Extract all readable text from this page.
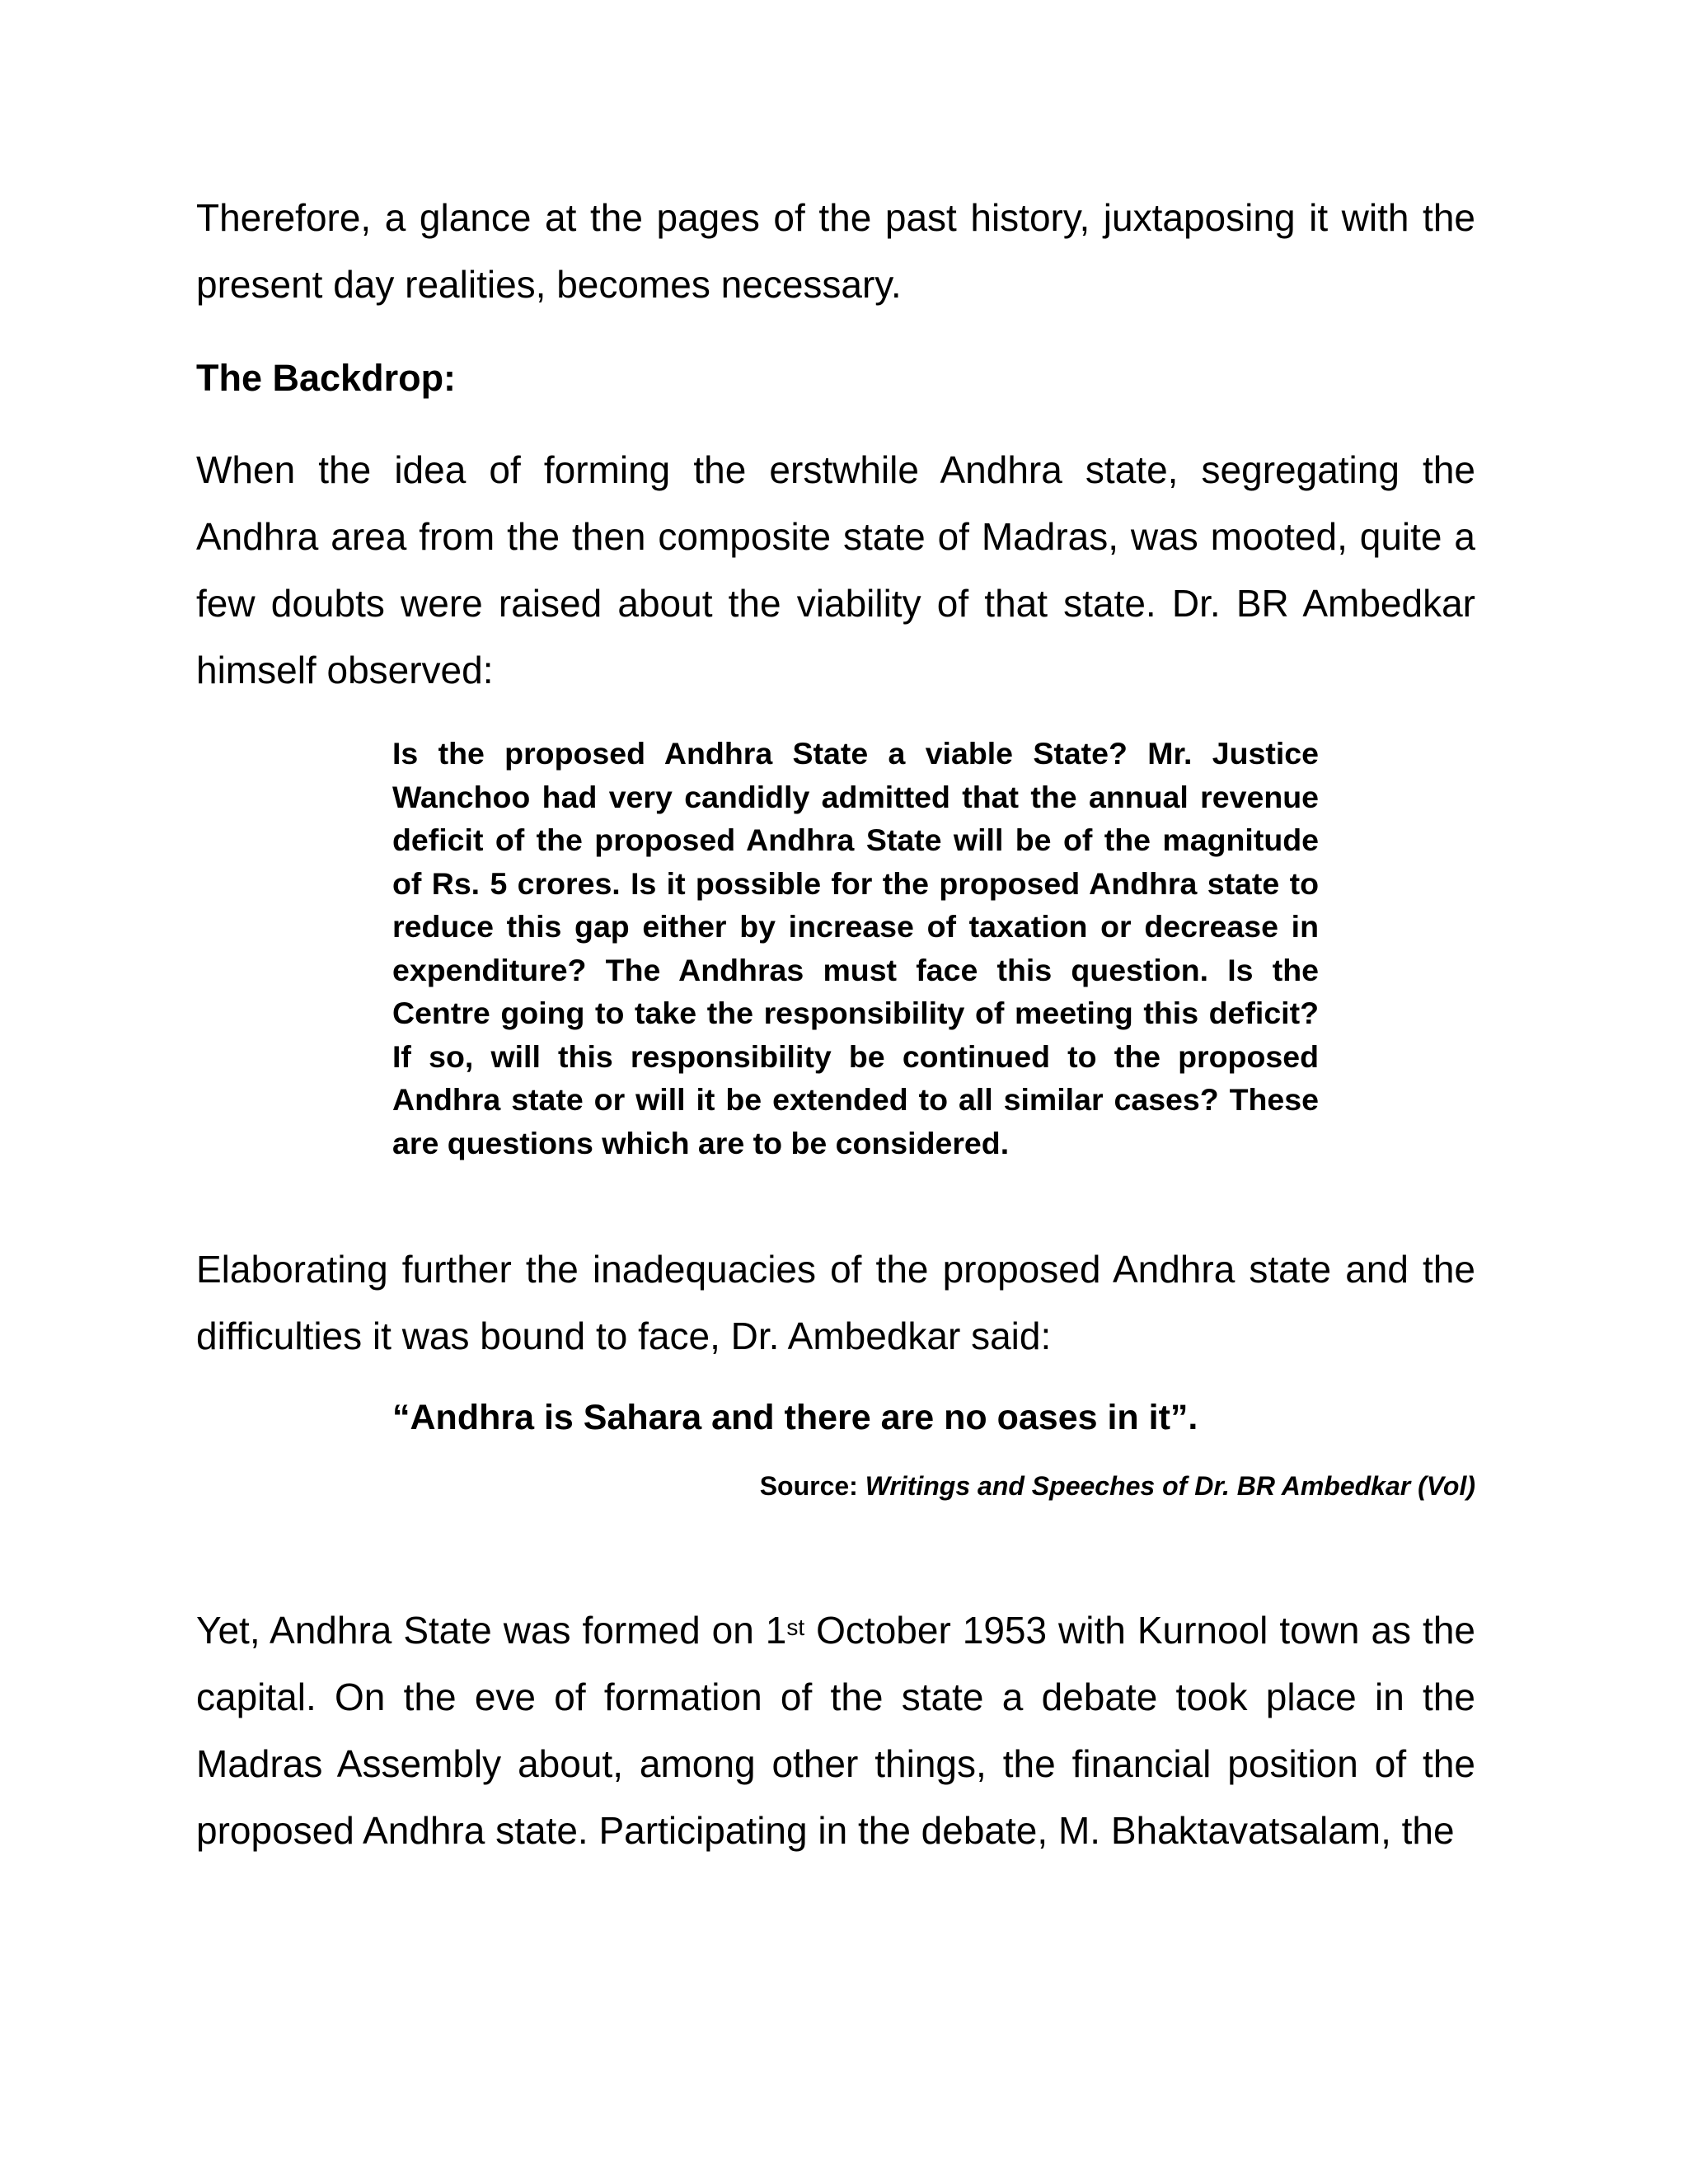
Therefore, a glance at the pages of the past history, juxtaposing it with the present day realities, becomes necessary.

The Backdrop:

When the idea of forming the erstwhile Andhra state, segregating the Andhra area from the then composite state of Madras, was mooted, quite a few doubts were raised about the viability of that state. Dr. BR Ambedkar himself observed:

Is the proposed Andhra State a viable State? Mr. Justice Wanchoo had very candidly admitted that the annual revenue deficit of the proposed Andhra State will be of the magnitude of Rs. 5 crores. Is it possible for the proposed Andhra state to reduce this gap either by increase of taxation or decrease in expenditure? The Andhras must face this question. Is the Centre going to take the responsibility of meeting this deficit? If so, will this responsibility be continued to the proposed Andhra state or will it be extended to all similar cases? These are questions which are to be considered.

Elaborating further the inadequacies of the proposed Andhra state and the difficulties it was bound to face, Dr. Ambedkar said:

“Andhra is Sahara and there are no oases in it”.

Source: Writings and Speeches of Dr. BR Ambedkar (Vol)

Yet, Andhra State was formed on 1st October 1953 with Kurnool town as the capital. On the eve of formation of the state a debate took place in the Madras Assembly about, among other things, the financial position of the proposed Andhra state. Participating in the debate, M. Bhaktavatsalam, the
